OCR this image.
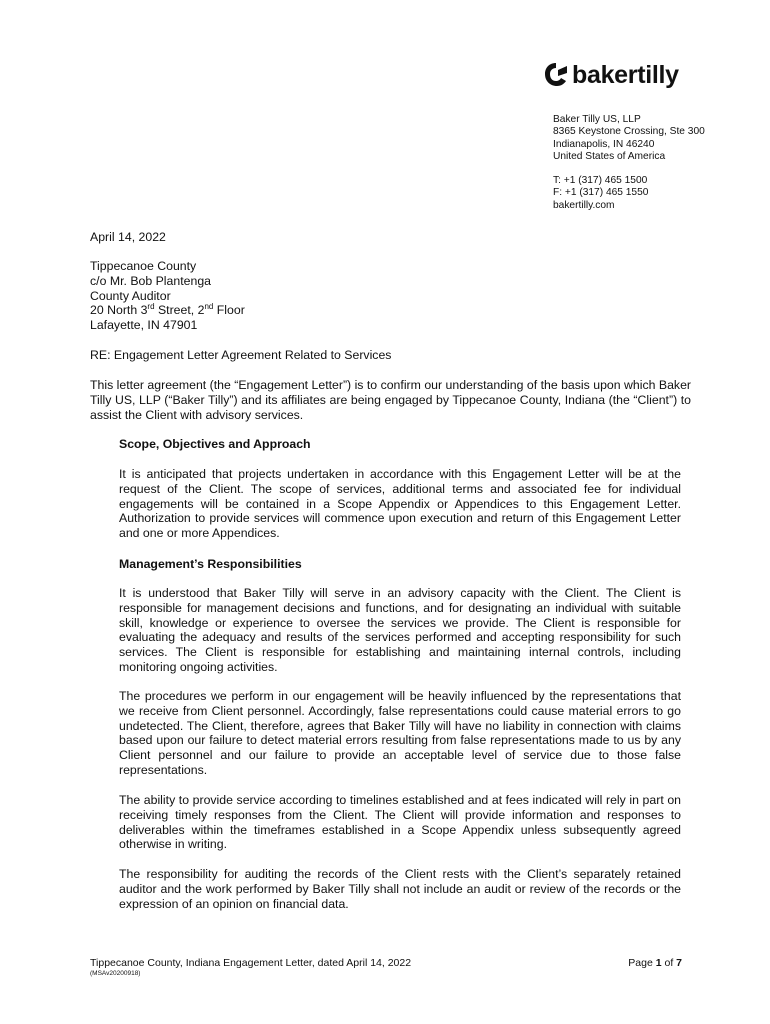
bakertilly
Baker Tilly US, LLP
8365 Keystone Crossing, Ste 300
Indianapolis, IN 46240
United States of America
T: +1 (317) 465 1500
F: +1 (317) 465 1550
bakertilly.com
April 14, 2022
Tippecanoe County
c/o Mr. Bob Plantenga
County Auditor
20 North 3rd Street, 2nd Floor
Lafayette, IN 47901
RE: Engagement Letter Agreement Related to Services
This letter agreement (the “Engagement Letter”) is to confirm our understanding of the basis upon which Baker Tilly US, LLP (“Baker Tilly”) and its affiliates are being engaged by Tippecanoe County, Indiana (the “Client”) to assist the Client with advisory services.
Scope, Objectives and Approach
It is anticipated that projects undertaken in accordance with this Engagement Letter will be at the request of the Client. The scope of services, additional terms and associated fee for individual engagements will be contained in a Scope Appendix or Appendices to this Engagement Letter. Authorization to provide services will commence upon execution and return of this Engagement Letter and one or more Appendices.
Management’s Responsibilities
It is understood that Baker Tilly will serve in an advisory capacity with the Client. The Client is responsible for management decisions and functions, and for designating an individual with suitable skill, knowledge or experience to oversee the services we provide. The Client is responsible for evaluating the adequacy and results of the services performed and accepting responsibility for such services. The Client is responsible for establishing and maintaining internal controls, including monitoring ongoing activities.
The procedures we perform in our engagement will be heavily influenced by the representations that we receive from Client personnel. Accordingly, false representations could cause material errors to go undetected. The Client, therefore, agrees that Baker Tilly will have no liability in connection with claims based upon our failure to detect material errors resulting from false representations made to us by any Client personnel and our failure to provide an acceptable level of service due to those false representations.
The ability to provide service according to timelines established and at fees indicated will rely in part on receiving timely responses from the Client. The Client will provide information and responses to deliverables within the timeframes established in a Scope Appendix unless subsequently agreed otherwise in writing.
The responsibility for auditing the records of the Client rests with the Client’s separately retained auditor and the work performed by Baker Tilly shall not include an audit or review of the records or the expression of an opinion on financial data.
Tippecanoe County, Indiana Engagement Letter, dated April 14, 2022	Page 1 of 7
(MSAv20200918)
